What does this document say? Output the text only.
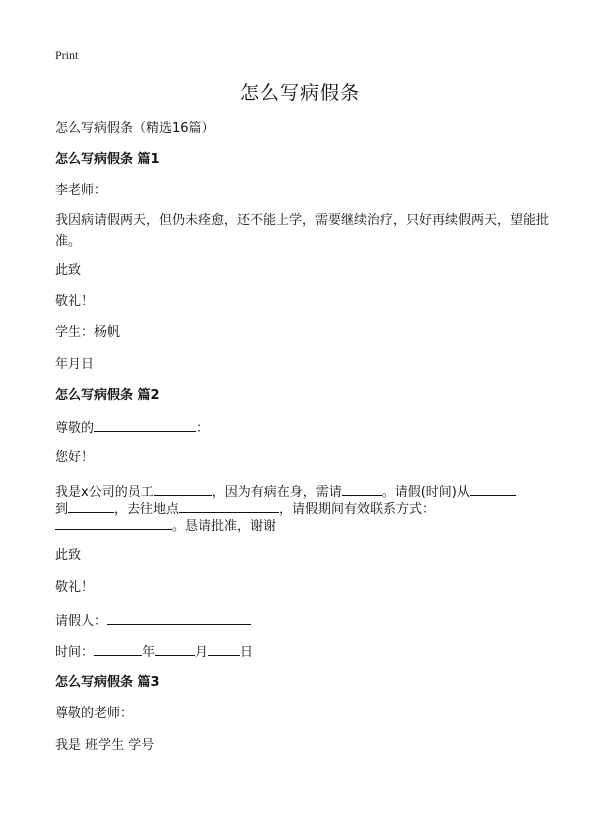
Print
怎么写病假条
怎么写病假条（精选16篇）
怎么写病假条 篇1
李老师：
我因病请假两天，但仍未痊愈，还不能上学，需要继续治疗，只好再续假两天，望能批准。
此致
敬礼！
学生：杨帆
年月日
怎么写病假条 篇2
尊敬的	：
您好！
我是x公司的员工	，因为有病在身，需请	。请假(时间)从
到	，去往地点	，请假期间有效联系方式：
。恳请批准，谢谢
此致
敬礼！
请假人：
时间：	年	月 日
怎么写病假条 篇3
尊敬的老师：
我是 班学生 学号
